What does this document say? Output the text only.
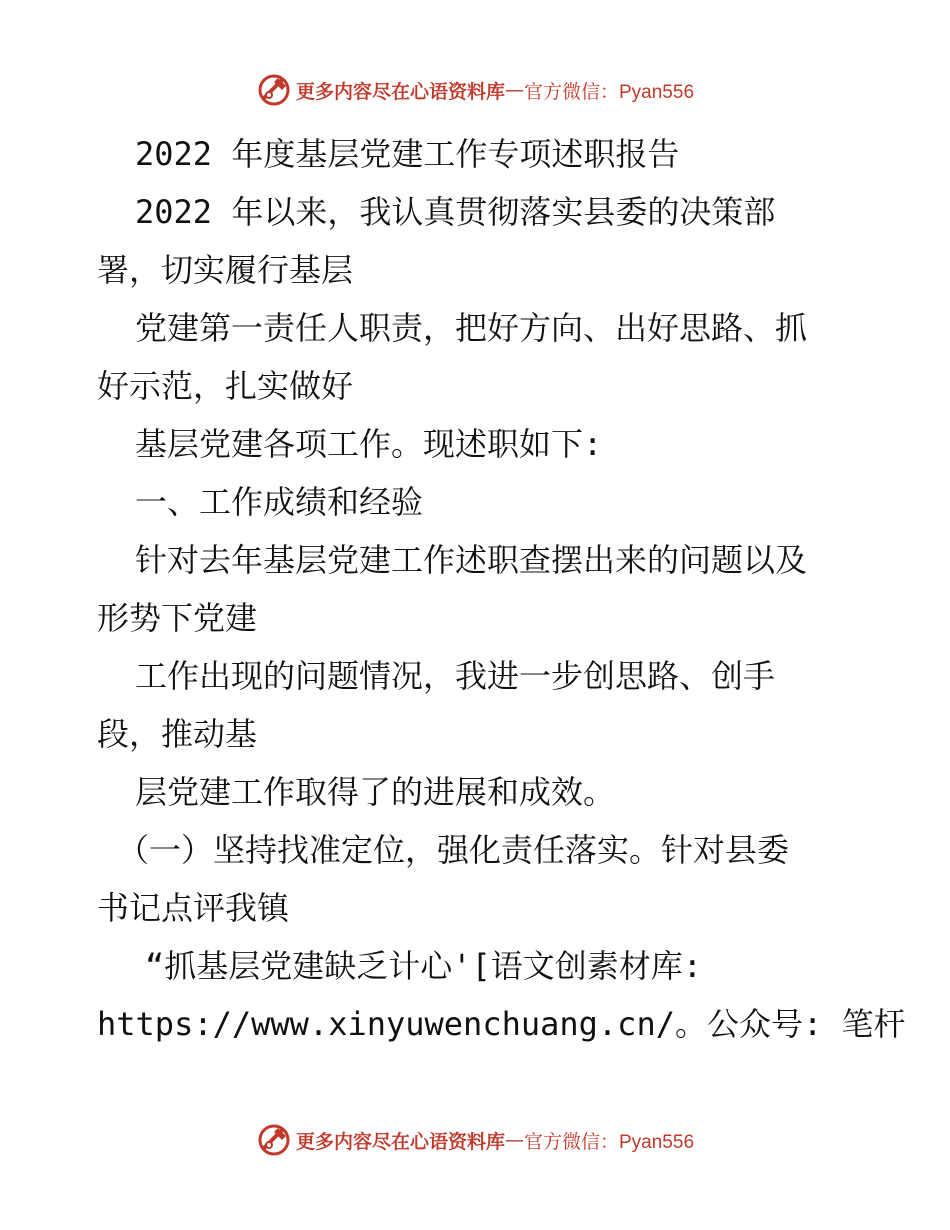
更多内容尽在心语资料库 — 官方微信：Pyan556
2022 年度基层党建工作专项述职报告
2022 年以来，我认真贯彻落实县委的决策部
署，切实履行基层
党建第一责任人职责，把好方向、出好思路、抓
好示范，扎实做好
基层党建各项工作。现述职如下:
一、工作成绩和经验
针对去年基层党建工作述职查摆出来的问题以及
形势下党建
工作出现的问题情况，我进一步创思路、创手
段，推动基
层党建工作取得了的进展和成效。
（一）坚持找准定位，强化责任落实。针对县委
书记点评我镇
“抓基层党建缺乏计心'[语文创素材库:
https://www.xinyuwenchuang.cn/。公众号: 笔杆
更多内容尽在心语资料库 — 官方微信：Pyan556
